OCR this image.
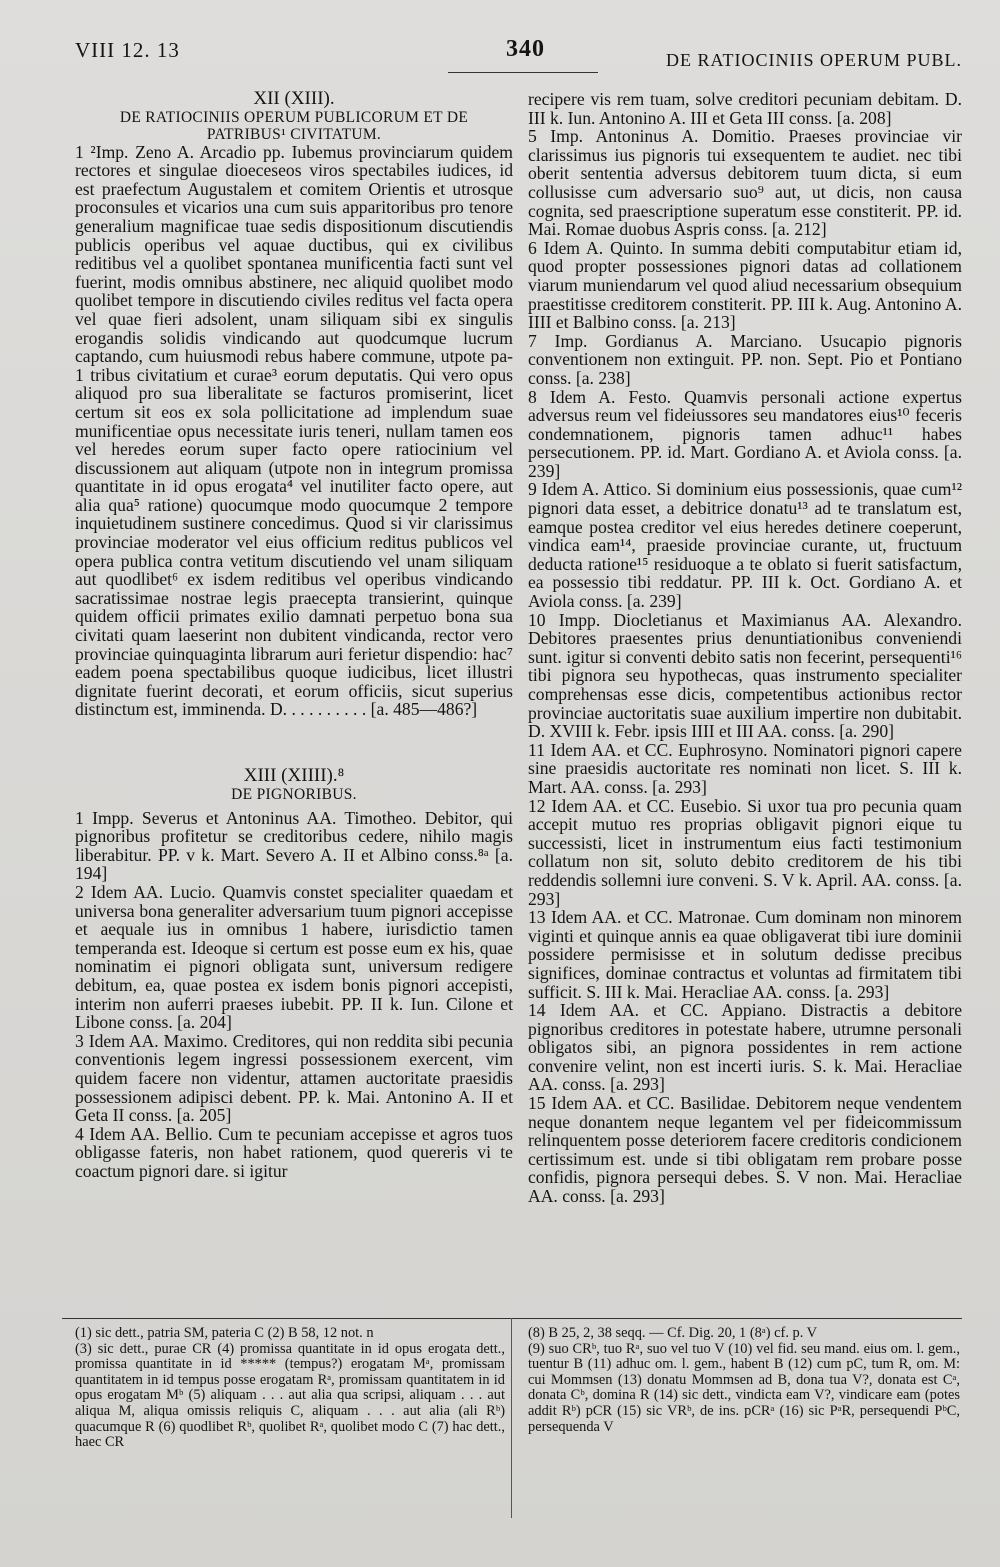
VIII 12. 13	340	DE RATIOCINIIS OPERUM PUBL.

XII (XIII).

DE RATIOCINIIS OPERUM PUBLICORUM ET DE

PATRIBUS¹ CIVITATUM.

1 ²Imp. Zeno A. Arcadio pp. Iubemus provinciarum quidem rectores et singulae dioeceseos viros spectabiles iudices, id est praefectum Augustalem et comitem Orientis et utrosque proconsules et vicarios una cum suis apparitoribus pro tenore generalium magnificae tuae sedis dispositionum discutiendis publicis operibus vel aquae ductibus, qui ex civilibus reditibus vel a quolibet spontanea munificentia facti sunt vel fuerint, modis omnibus abstinere, nec aliquid quolibet modo quolibet tempore in discutiendo civiles reditus vel facta opera vel quae fieri adsolent, unam siliquam sibi ex singulis erogandis solidis vindicando aut quodcumque lucrum captando, cum huiusmodi rebus habere commune, utpote pa- 1 tribus civitatium et curae³ eorum deputatis. Qui vero opus aliquod pro sua liberalitate se facturos promiserint, licet certum sit eos ex sola pollicitatione ad implendum suae munificentiae opus necessitate iuris teneri, nullam tamen eos vel heredes eorum super facto opere ratiocinium vel discussionem aut aliquam (utpote non in integrum promissa quantitate in id opus erogata⁴ vel inutiliter facto opere, aut alia qua⁵ ratione) quocumque modo quocumque 2 tempore inquietudinem sustinere concedimus. Quod si vir clarissimus provinciae moderator vel eius officium reditus publicos vel opera publica contra vetitum discutiendo vel unam siliquam aut quodlibet⁶ ex isdem reditibus vel operibus vindicando sacratissimae nostrae legis praecepta transierint, quinque quidem officii primates exilio damnati perpetuo bona sua civitati quam laeserint non dubitent vindicanda, rector vero provinciae quinquaginta librarum auri ferietur dispendio: hac⁷ eadem poena spectabilibus quoque iudicibus, licet illustri dignitate fuerint decorati, et eorum officiis, sicut superius distinctum est, imminenda. D. . . . . . . . . . [a. 485—486?]

XIII (XIIII).⁸

DE PIGNORIBUS.

1 Impp. Severus et Antoninus AA. Timotheo. Debitor, qui pignoribus profitetur se creditoribus cedere, nihilo magis liberabitur. PP. v k. Mart. Severo A. II et Albino conss.⁸ᵃ [a. 194]

2 Idem AA. Lucio. Quamvis constet specialiter quaedam et universa bona generaliter adversarium tuum pignori accepisse et aequale ius in omnibus 1 habere, iurisdictio tamen temperanda est. Ideoque si certum est posse eum ex his, quae nominatim ei pignori obligata sunt, universum redigere debitum, ea, quae postea ex isdem bonis pignori accepisti, interim non auferri praeses iubebit. PP. II k. Iun. Cilone et Libone conss. [a. 204]

3 Idem AA. Maximo. Creditores, qui non reddita sibi pecunia conventionis legem ingressi possessionem exercent, vim quidem facere non videntur, attamen auctoritate praesidis possessionem adipisci debent. PP. k. Mai. Antonino A. II et Geta II conss. [a. 205]

4 Idem AA. Bellio. Cum te pecuniam accepisse et agros tuos obligasse fateris, non habet rationem, quod quereris vi te coactum pignori dare. si igitur

recipere vis rem tuam, solve creditori pecuniam debitam. D. III k. Iun. Antonino A. III et Geta III conss. [a. 208]

5 Imp. Antoninus A. Domitio. Praeses provinciae vir clarissimus ius pignoris tui exsequentem te audiet. nec tibi oberit sententia adversus debitorem tuum dicta, si eum collusisse cum adversario suo⁹ aut, ut dicis, non causa cognita, sed praescriptione superatum esse constiterit. PP. id. Mai. Romae duobus Aspris conss. [a. 212]

6 Idem A. Quinto. In summa debiti computabitur etiam id, quod propter possessiones pignori datas ad collationem viarum muniendarum vel quod aliud necessarium obsequium praestitisse creditorem constiterit. PP. III k. Aug. Antonino A. IIII et Balbino conss. [a. 213]

7 Imp. Gordianus A. Marciano. Usucapio pignoris conventionem non extinguit. PP. non. Sept. Pio et Pontiano conss. [a. 238]

8 Idem A. Festo. Quamvis personali actione expertus adversus reum vel fideiussores seu mandatores eius¹⁰ feceris condemnationem, pignoris tamen adhuc¹¹ habes persecutionem. PP. id. Mart. Gordiano A. et Aviola conss. [a. 239]

9 Idem A. Attico. Si dominium eius possessionis, quae cum¹² pignori data esset, a debitrice donatu¹³ ad te translatum est, eamque postea creditor vel eius heredes detinere coeperunt, vindica eam¹⁴, praeside provinciae curante, ut, fructuum deducta ratione¹⁵ residuoque a te oblato si fuerit satisfactum, ea possessio tibi reddatur. PP. III k. Oct. Gordiano A. et Aviola conss. [a. 239]

10 Impp. Diocletianus et Maximianus AA. Alexandro. Debitores praesentes prius denuntiationibus conveniendi sunt. igitur si conventi debito satis non fecerint, persequenti¹⁶ tibi pignora seu hypothecas, quas instrumento specialiter comprehensas esse dicis, competentibus actionibus rector provinciae auctoritatis suae auxilium impertire non dubitabit. D. XVIII k. Febr. ipsis IIII et III AA. conss. [a. 290]

11 Idem AA. et CC. Euphrosyno. Nominatori pignori capere sine praesidis auctoritate res nominati non licet. S. III k. Mart. AA. conss. [a. 293]

12 Idem AA. et CC. Eusebio. Si uxor tua pro pecunia quam accepit mutuo res proprias obligavit pignori eique tu successisti, licet in instrumentum eius facti testimonium collatum non sit, soluto debito creditorem de his tibi reddendis sollemni iure conveni. S. V k. April. AA. conss. [a. 293]

13 Idem AA. et CC. Matronae. Cum dominam non minorem viginti et quinque annis ea quae obligaverat tibi iure dominii possidere permisisse et in solutum dedisse precibus significes, dominae contractus et voluntas ad firmitatem tibi sufficit. S. III k. Mai. Heracliae AA. conss. [a. 293]

14 Idem AA. et CC. Appiano. Distractis a debitore pignoribus creditores in potestate habere, utrumne personali obligatos sibi, an pignora possidentes in rem actione convenire velint, non est incerti iuris. S. k. Mai. Heracliae AA. conss. [a. 293]

15 Idem AA. et CC. Basilidae. Debitorem neque vendentem neque donantem neque legantem vel per fideicommissum relinquentem posse deteriorem facere creditoris condicionem certissimum est. unde si tibi obligatam rem probare posse confidis, pignora persequi debes. S. V non. Mai. Heracliae AA. conss. [a. 293]

(1) sic dett., patria SM, pateria C (2) B 58, 12 not. n

(3) sic dett., purae CR (4) promissa quantitate in id opus erogata dett., promissa quantitate in id ***** (tempus?) erogatam Mᵃ, promissam quantitatem in id tempus posse erogatam Rᵃ, promissam quantitatem in id opus erogatam Mᵇ (5) aliquam . . . aut alia qua scripsi, aliquam . . . aut aliqua M, aliqua omissis reliquis C, aliquam . . . aut alia (ali Rᵇ) quacumque R (6) quodlibet Rᵇ, quolibet Rᵃ, quolibet modo C (7) hac dett., haec CR

(8) B 25, 2, 38 seqq. — Cf. Dig. 20, 1 (8ᵃ) cf. p. V

(9) suo CRᵇ, tuo Rᵃ, suo vel tuo V (10) vel fid. seu mand. eius om. l. gem., tuentur B (11) adhuc om. l. gem., habent B (12) cum pC, tum R, om. M: cui Mommsen (13) donatu Mommsen ad B, dona tua V?, donata est Cᵃ, donata Cᵇ, domina R (14) sic dett., vindicta eam V?, vindicare eam (potes addit Rᵇ) pCR (15) sic VRᵇ, de ins. pCRᵃ (16) sic PᵃR, persequendi PᵇC, persequenda V
